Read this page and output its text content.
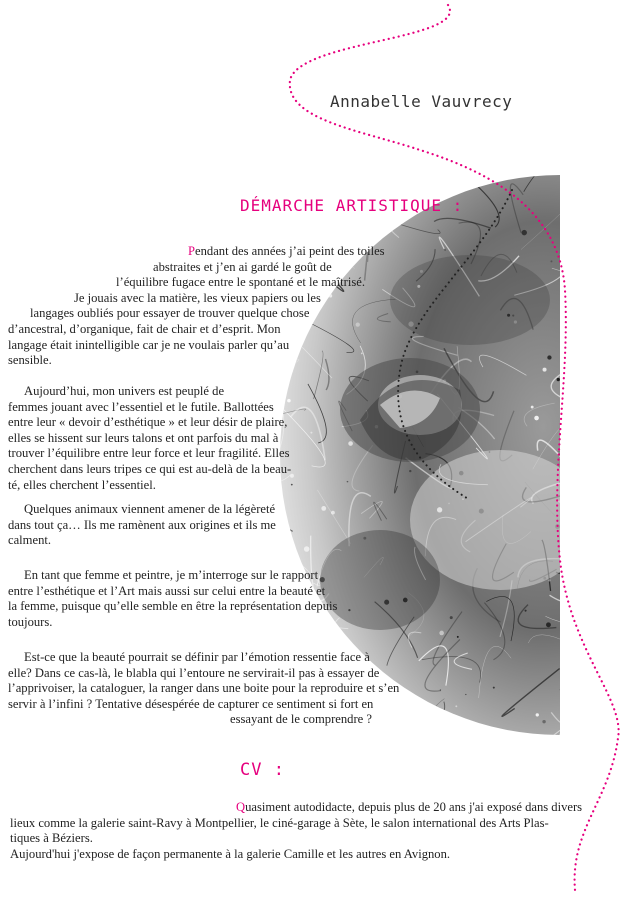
Annabelle Vauvrecy
DÉMARCHE ARTISTIQUE :
Pendant des années j’ai peint des toiles
abstraites et j’en ai gardé le goût de
l’équilibre fugace entre le spontané et le maîtrisé.
Je jouais avec la matière, les vieux papiers ou les
langages oubliés pour essayer de trouver quelque chose
d’ancestral, d’organique, fait de chair et d’esprit. Mon
langage était inintelligible car je ne voulais parler qu’au
sensible.
Aujourd’hui, mon univers est peuplé de
femmes jouant avec l’essentiel et le futile. Ballottées
entre leur « devoir d’esthétique » et leur désir de plaire,
elles se hissent sur leurs talons et ont parfois du mal à
trouver l’équilibre entre leur force et leur fragilité. Elles
cherchent dans leurs tripes ce qui est au-delà de la beau-
té, elles cherchent l’essentiel.
Quelques animaux viennent amener de la légèreté
dans tout ça… Ils me ramènent aux origines et ils me
calment.
En tant que femme et peintre, je m’interroge sur le rapport
entre l’esthétique et l’Art mais aussi sur celui entre la beauté et
la femme, puisque qu’elle semble en être la représentation depuis
toujours.
Est-ce que la beauté pourrait se définir par l’émotion ressentie face à
elle? Dans ce cas-là, le blabla qui l’entoure ne servirait-il pas à essayer de
l’apprivoiser, la cataloguer, la ranger dans une boite pour la reproduire et s’en
servir à l’infini ? Tentative désespérée de capturer ce sentiment si fort en
essayant de le comprendre ?
CV :
Quasiment autodidacte, depuis plus de 20 ans j'ai exposé dans divers
lieux comme la galerie saint-Ravy à Montpellier, le ciné-garage à Sète, le salon international des Arts Plas-
tiques à Béziers.
Aujourd'hui j'expose de façon permanente à la galerie Camille et les autres en Avignon.
